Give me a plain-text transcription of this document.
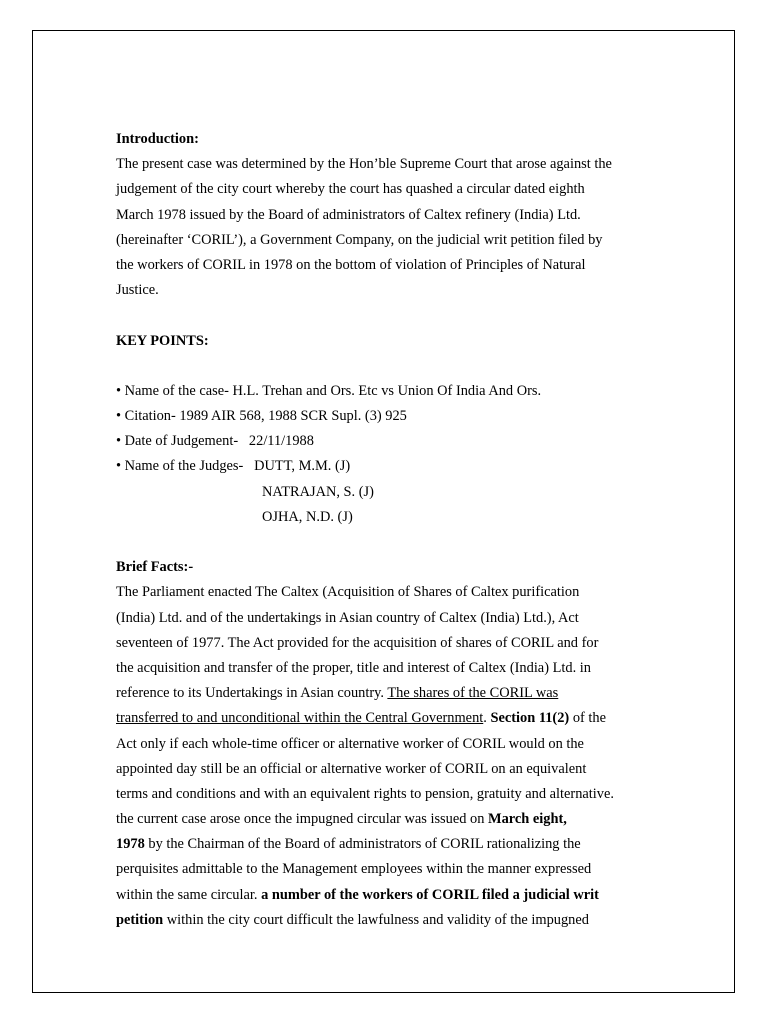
Introduction:
The present case was determined by the Hon’ble Supreme Court that arose against the
judgement of the city court whereby the court has quashed a circular dated eighth
March 1978 issued by the Board of administrators of Caltex refinery (India) Ltd.
(hereinafter ‘CORIL’), a Government Company, on the judicial writ petition filed by
the workers of CORIL in 1978 on the bottom of violation of Principles of Natural
Justice.
KEY POINTS:
• Name of the case- H.L. Trehan and Ors. Etc vs Union Of India And Ors.
• Citation- 1989 AIR 568, 1988 SCR Supl. (3) 925
• Date of Judgement- 22/11/1988
• Name of the Judges- DUTT, M.M. (J)
NATRAJAN, S. (J)
OJHA, N.D. (J)
Brief Facts:-
The Parliament enacted The Caltex (Acquisition of Shares of Caltex purification
(India) Ltd. and of the undertakings in Asian country of Caltex (India) Ltd.), Act
seventeen of 1977. The Act provided for the acquisition of shares of CORIL and for
the acquisition and transfer of the proper, title and interest of Caltex (India) Ltd. in
reference to its Undertakings in Asian country. The shares of the CORIL was
transferred to and unconditional within the Central Government. Section 11(2) of the
Act only if each whole-time officer or alternative worker of CORIL would on the
appointed day still be an official or alternative worker of CORIL on an equivalent
terms and conditions and with an equivalent rights to pension, gratuity and alternative.
the current case arose once the impugned circular was issued on March eight,
1978 by the Chairman of the Board of administrators of CORIL rationalizing the
perquisites admittable to the Management employees within the manner expressed
within the same circular. a number of the workers of CORIL filed a judicial writ
petition within the city court difficult the lawfulness and validity of the impugned
